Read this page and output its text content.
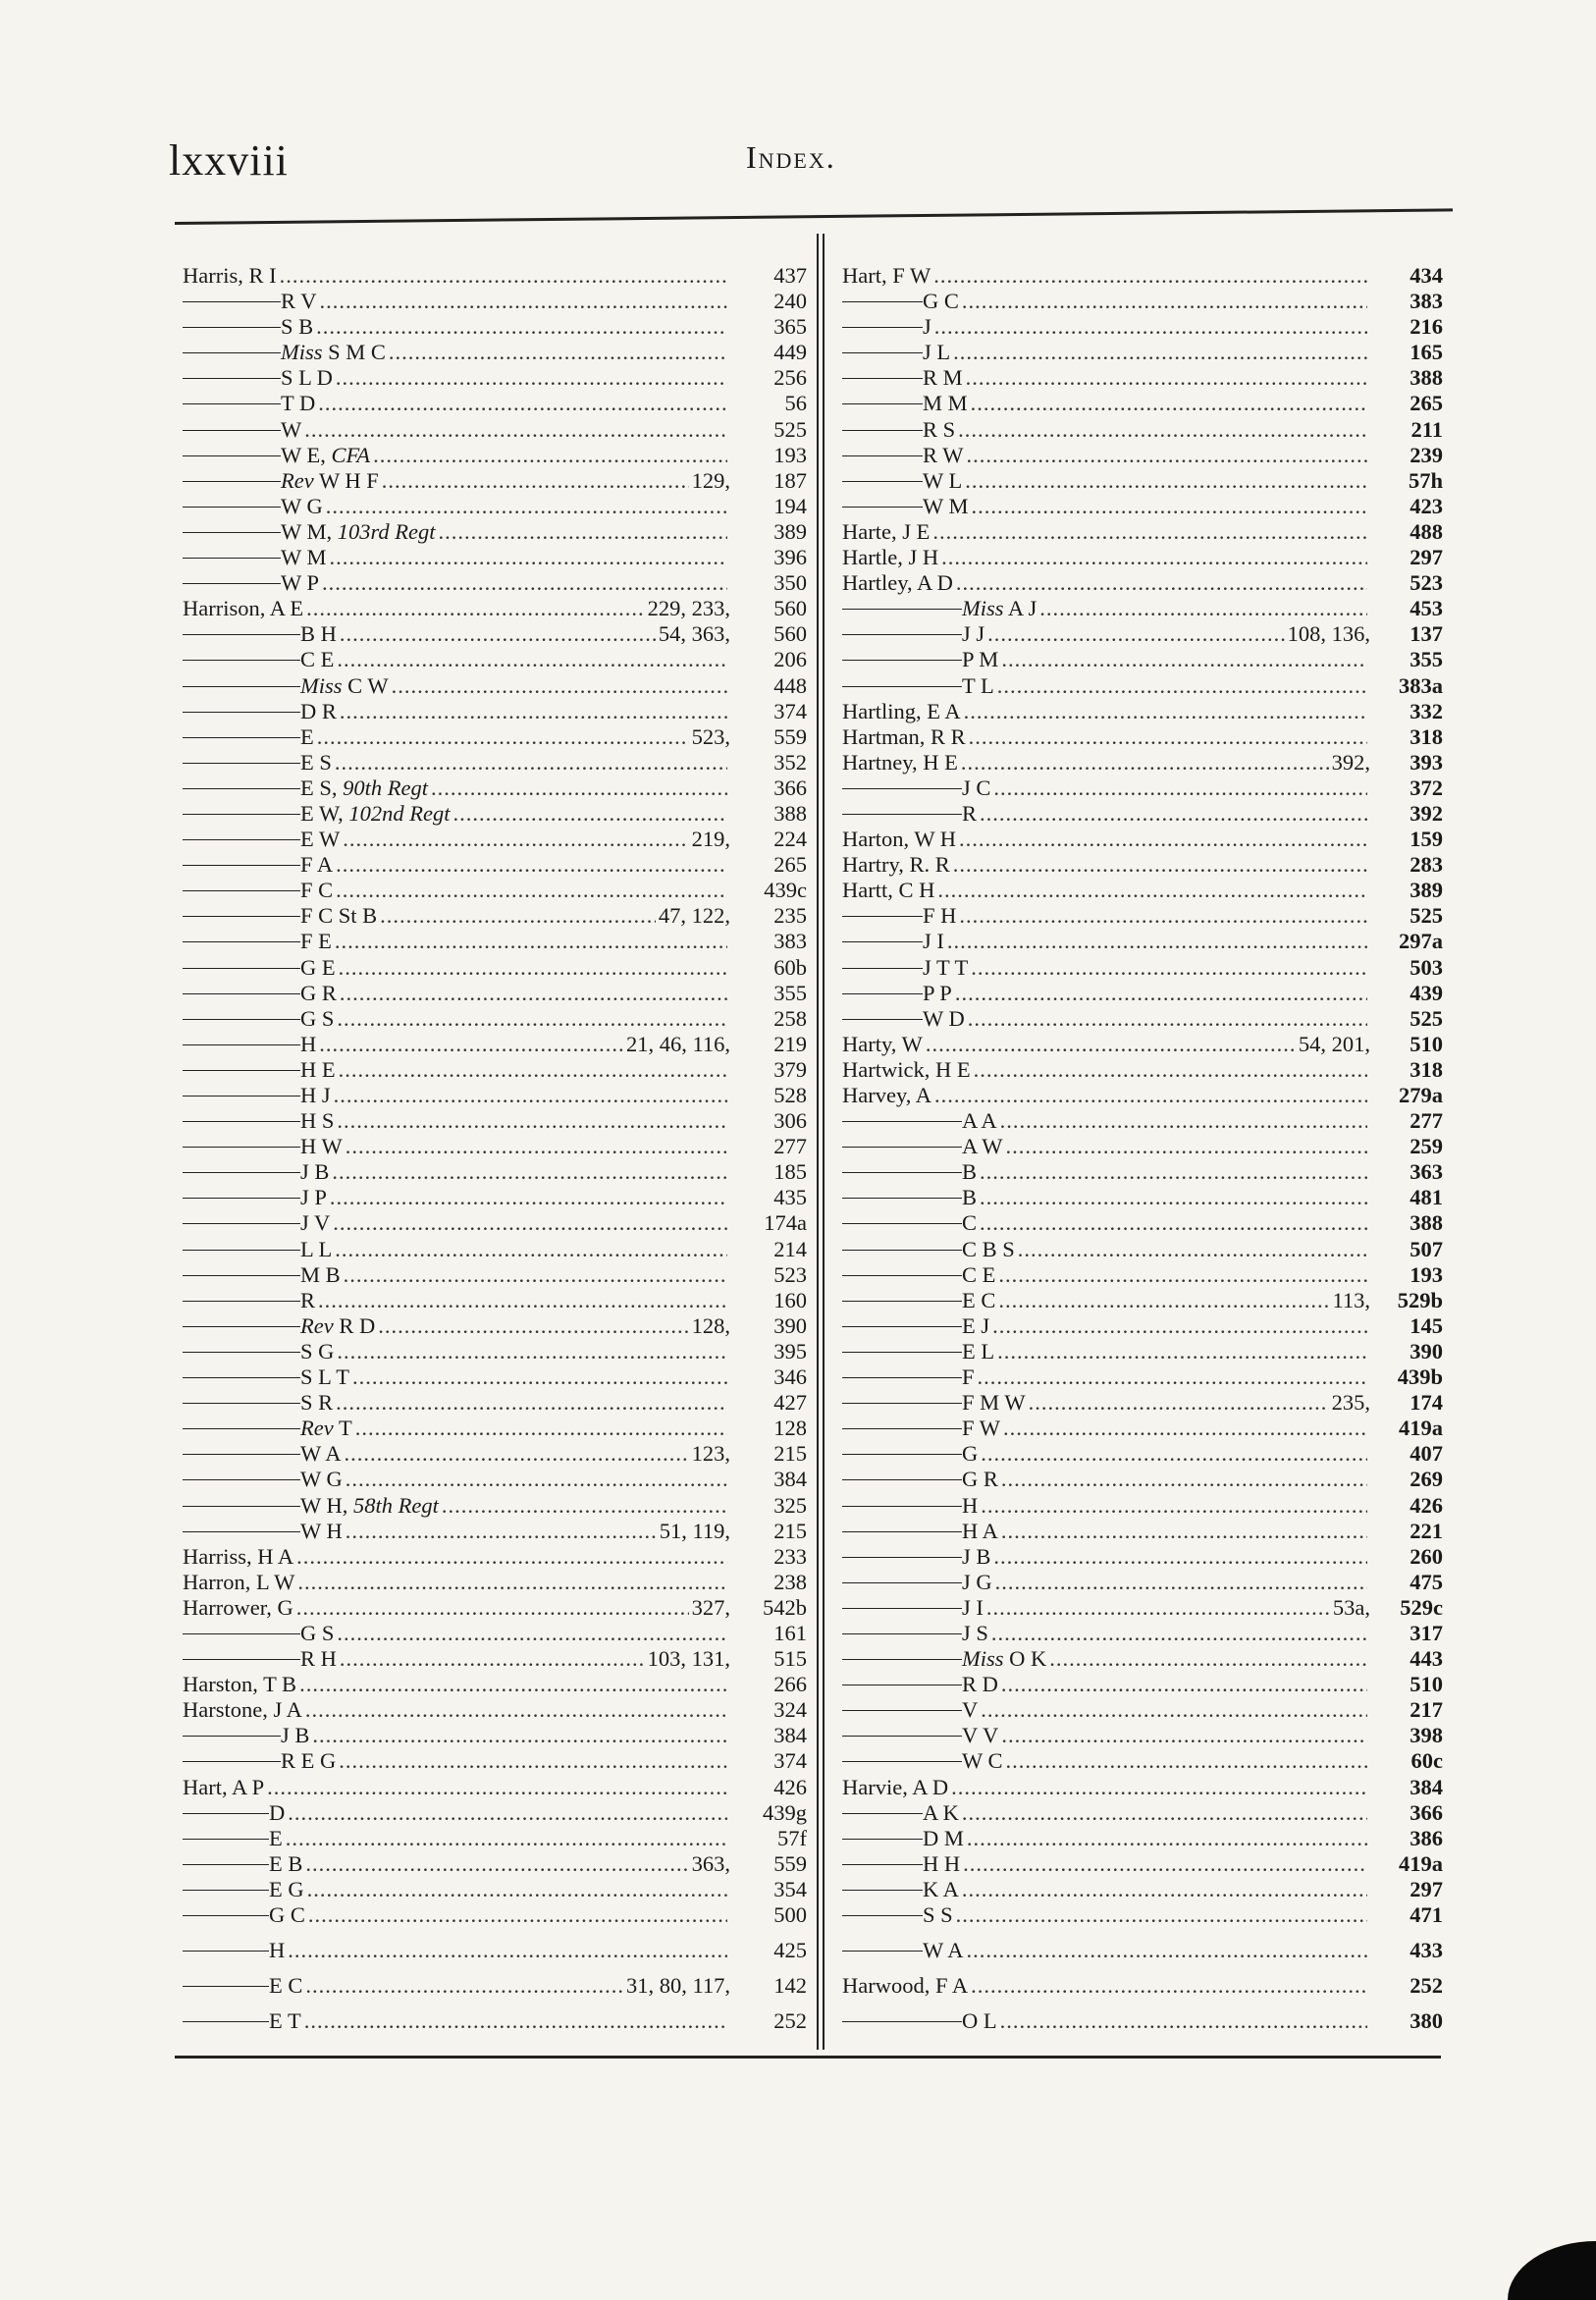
lxxviii	Index.
Harris, R I .....	437
R V .....	240
S B .....	365
Miss S M C .....	449
S L D .....	256
T D .....	56
W .....	525
W E, CFA .....	193
Rev W H F .....	129,	187
W G .....	194
W M, 103rd Regt .....	389
W M .....	396
W P .....	350
Harrison, A E .....	229, 233,	560
B H .....	54, 363,	560
C E .....	206
Miss C W .....	448
D R .....	374
E .....	523,	559
E S .....	352
E S, 90th Regt .....	366
E W, 102nd Regt .....	388
E W .....	219,	224
F A .....	265
F C .....	439c
F C St B .....	47, 122,	235
F E .....	383
G E .....	60b
G R .....	355
G S .....	258
H .....	21, 46, 116,	219
H E .....	379
H J .....	528
H S .....	306
H W .....	277
J B .....	185
J P .....	435
J V .....	174a
L L .....	214
M B .....	523
R .....	160
Rev R D .....	128,	390
S G .....	395
S L T .....	346
S R .....	427
Rev T .....	128
W A .....	123,	215
W G .....	384
W H, 58th Regt .....	325
W H .....	51, 119,	215
Harriss, H A .....	233
Harron, L W .....	238
Harrower, G .....	327,	542b
G S .....	161
R H .....	103, 131,	515
Harston, T B .....	266
Harstone, J A .....	324
J B .....	384
R E G .....	374
Hart, A P .....	426
D .....	439g
E .....	57f
E B .....	363,	559
E G .....	354
G C .....	500
H .....	425
E C .....	31, 80, 117,	142
E T .....	252
Hart, F W .....	434
G C .....	383
J .....	216
J L .....	165
R M .....	388
M M .....	265
R S .....	211
R W .....	239
W L .....	57h
W M .....	423
Harte, J E .....	488
Hartle, J H .....	297
Hartley, A D .....	523
Miss A J .....	453
J J .....	108, 136,	137
P M .....	355
T L .....	383a
Hartling, E A .....	332
Hartman, R R .....	318
Hartney, H E .....	392,	393
J C .....	372
R .....	392
Harton, W H .....	159
Hartry, R. R .....	283
Hartt, C H .....	389
F H .....	525
J I .....	297a
J T T .....	503
P P .....	439
W D .....	525
Harty, W .....	54, 201,	510
Hartwick, H E .....	318
Harvey, A .....	279a
A A .....	277
A W .....	259
B .....	363
B .....	481
C .....	388
C B S .....	507
C E .....	193
E C .....	113,	529b
E J .....	145
E L .....	390
F .....	439b
F M W .....	235,	174
F W .....	419a
G .....	407
G R .....	269
H .....	426
H A .....	221
J B .....	260
J G .....	475
J I .....	53a,	529c
J S .....	317
Miss O K .....	443
R D .....	510
V .....	217
V V .....	398
W C .....	60c
Harvie, A D .....	384
A K .....	366
D M .....	386
H H .....	419a
K A .....	297
S S .....	471
W A .....	433
Harwood, F A .....	252
O L .....	380
